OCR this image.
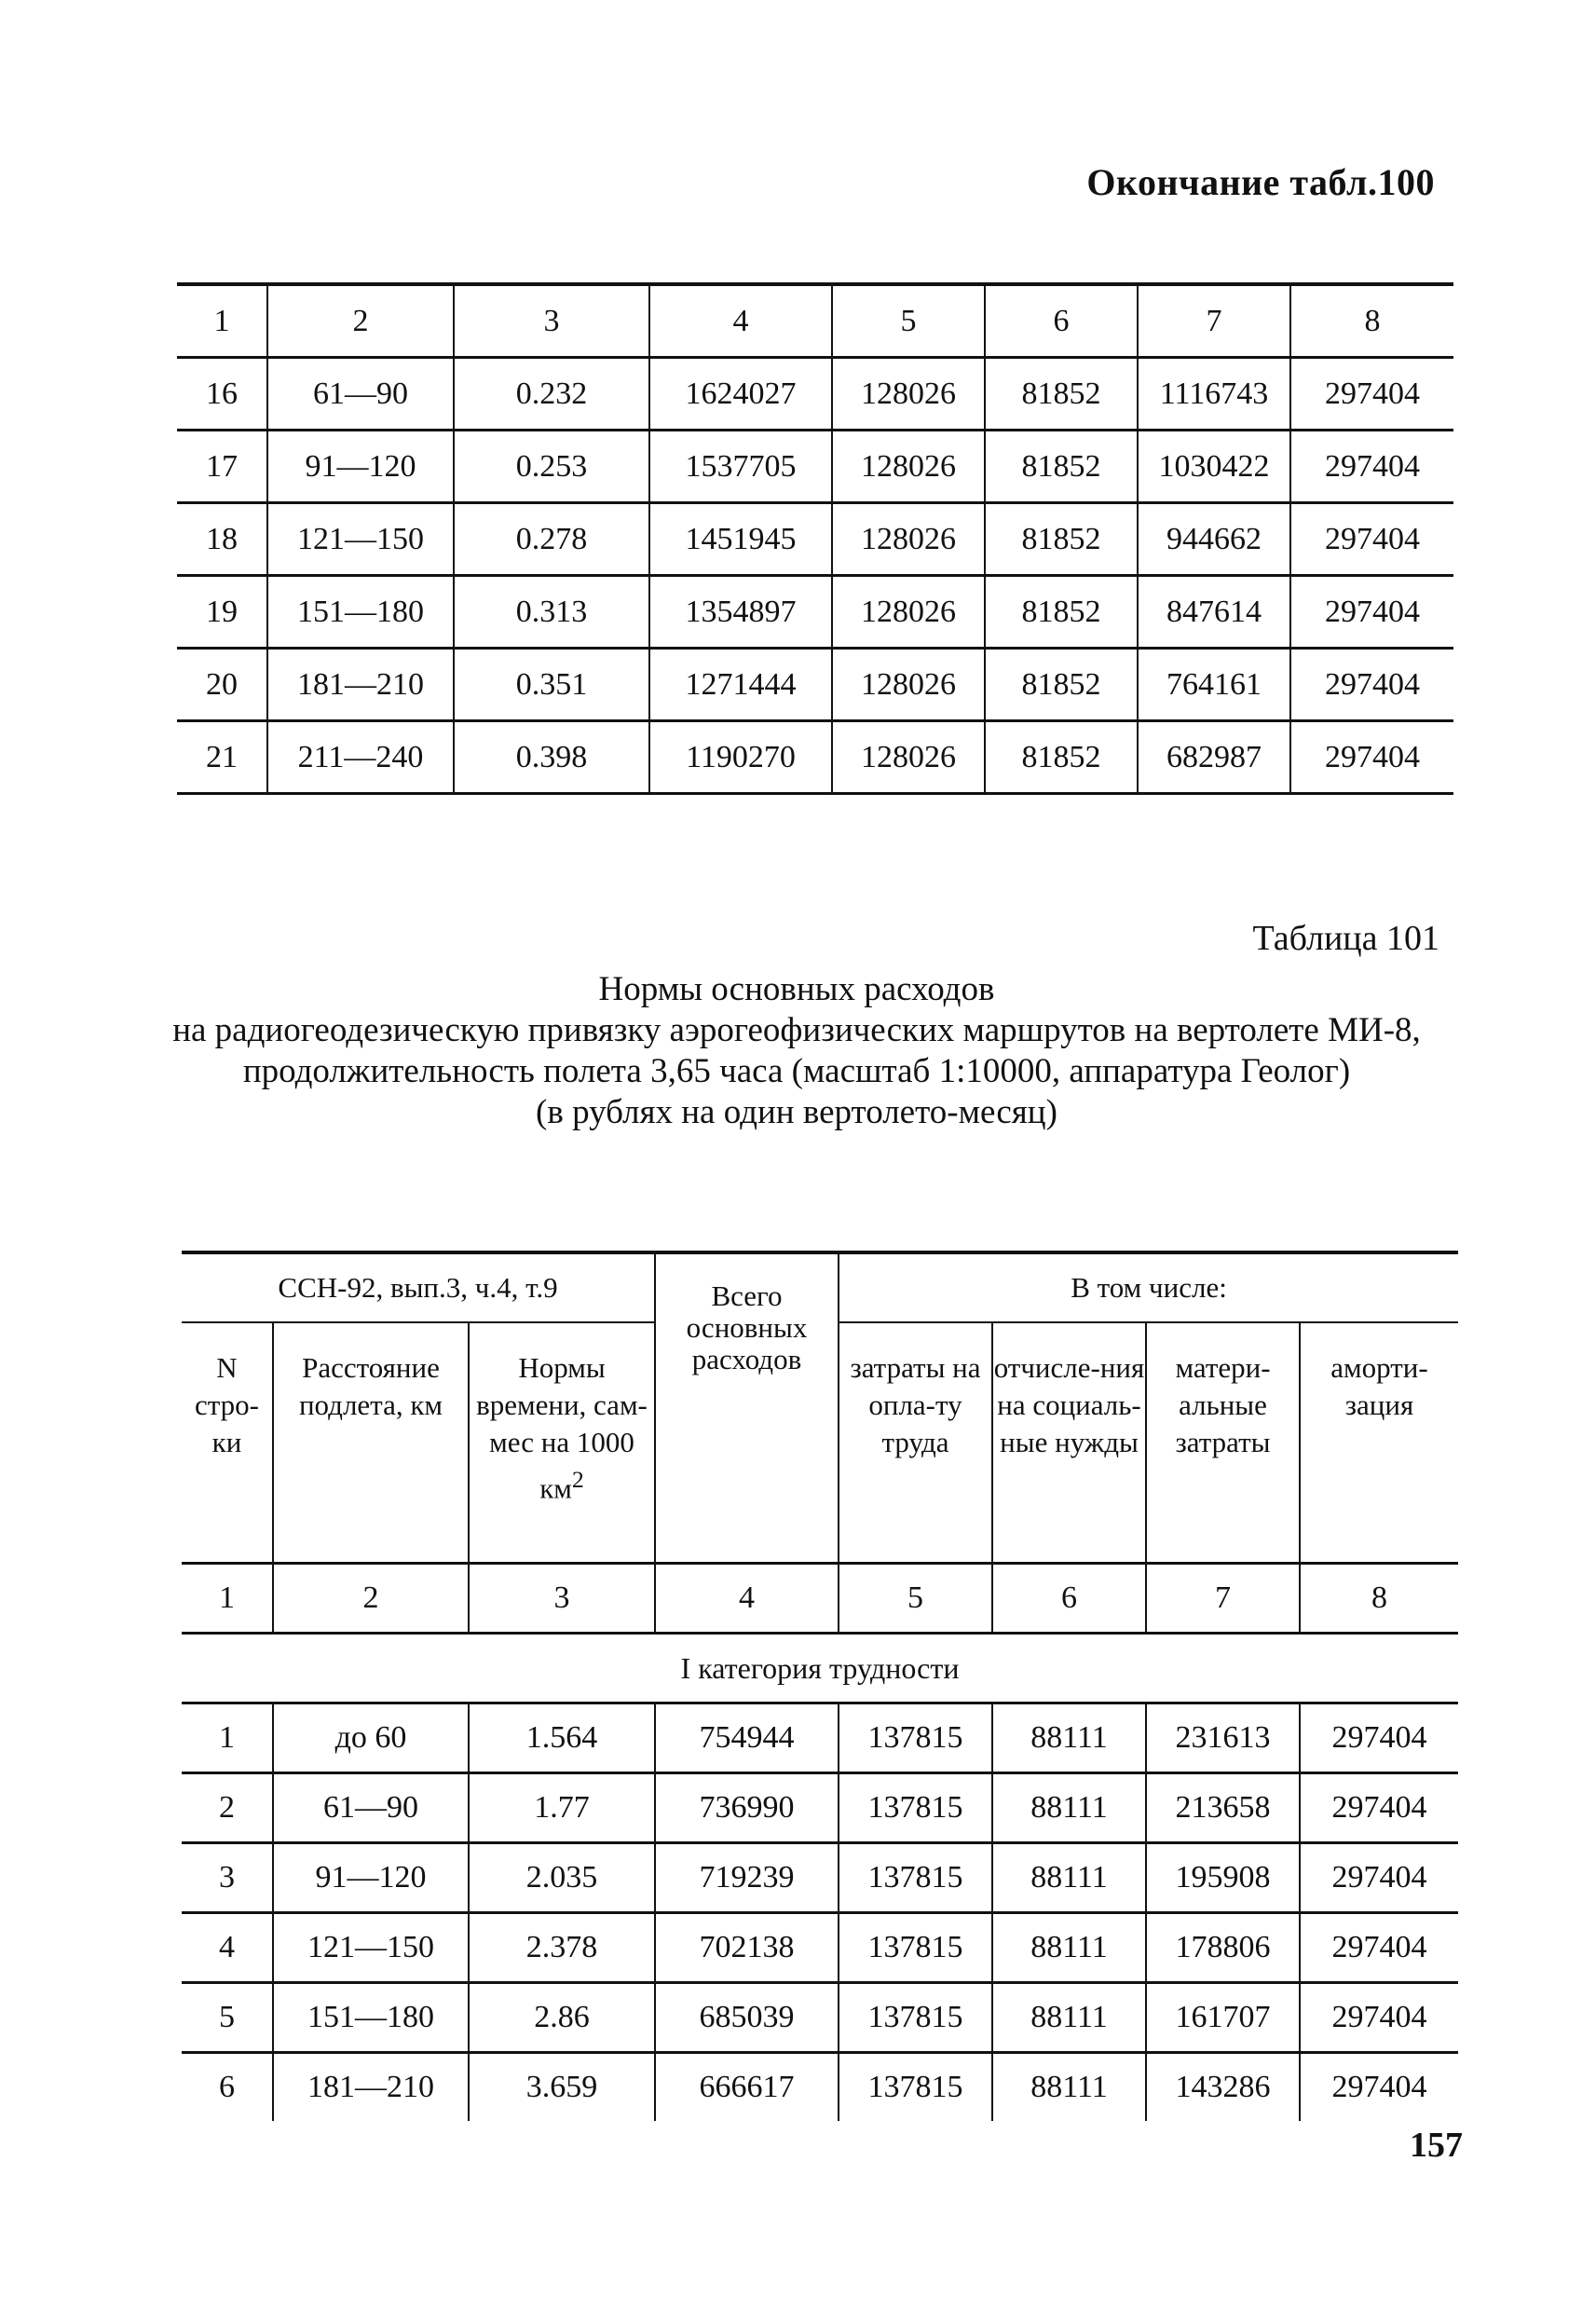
Окончание табл.100
1	2	3	4	5	6	7	8
16	61—90	0.232	1624027	128026	81852	1116743	297404
17	91—120	0.253	1537705	128026	81852	1030422	297404
18	121—150	0.278	1451945	128026	81852	944662	297404
19	151—180	0.313	1354897	128026	81852	847614	297404
20	181—210	0.351	1271444	128026	81852	764161	297404
21	211—240	0.398	1190270	128026	81852	682987	297404
Таблица 101
Нормы основных расходов
на радиогеодезическую привязку аэрогеофизических маршрутов на вертолете МИ-8,
продолжительность полета 3,65 часа (масштаб 1:10000, аппаратура Геолог)
(в рублях на один вертолето-месяц)
ССН-92, вып.3, ч.4, т.9			Всего основных расходов	В том числе:			
N стро-ки	Расстояние подлета, км	Нормы времени, сам-мес на 1000 $км^2$		затраты на опла-ту труда	отчисле-ния на социаль-ные нужды	матери-альные затраты	аморти-зация
1	2	3	4	5	6	7	8
I категория трудности							
1	до 60	1.564	754944	137815	88111	231613	297404
2	61—90	1.77	736990	137815	88111	213658	297404
3	91—120	2.035	719239	137815	88111	195908	297404
4	121—150	2.378	702138	137815	88111	178806	297404
5	151—180	2.86	685039	137815	88111	161707	297404
6	181—210	3.659	666617	137815	88111	143286	297404
157
